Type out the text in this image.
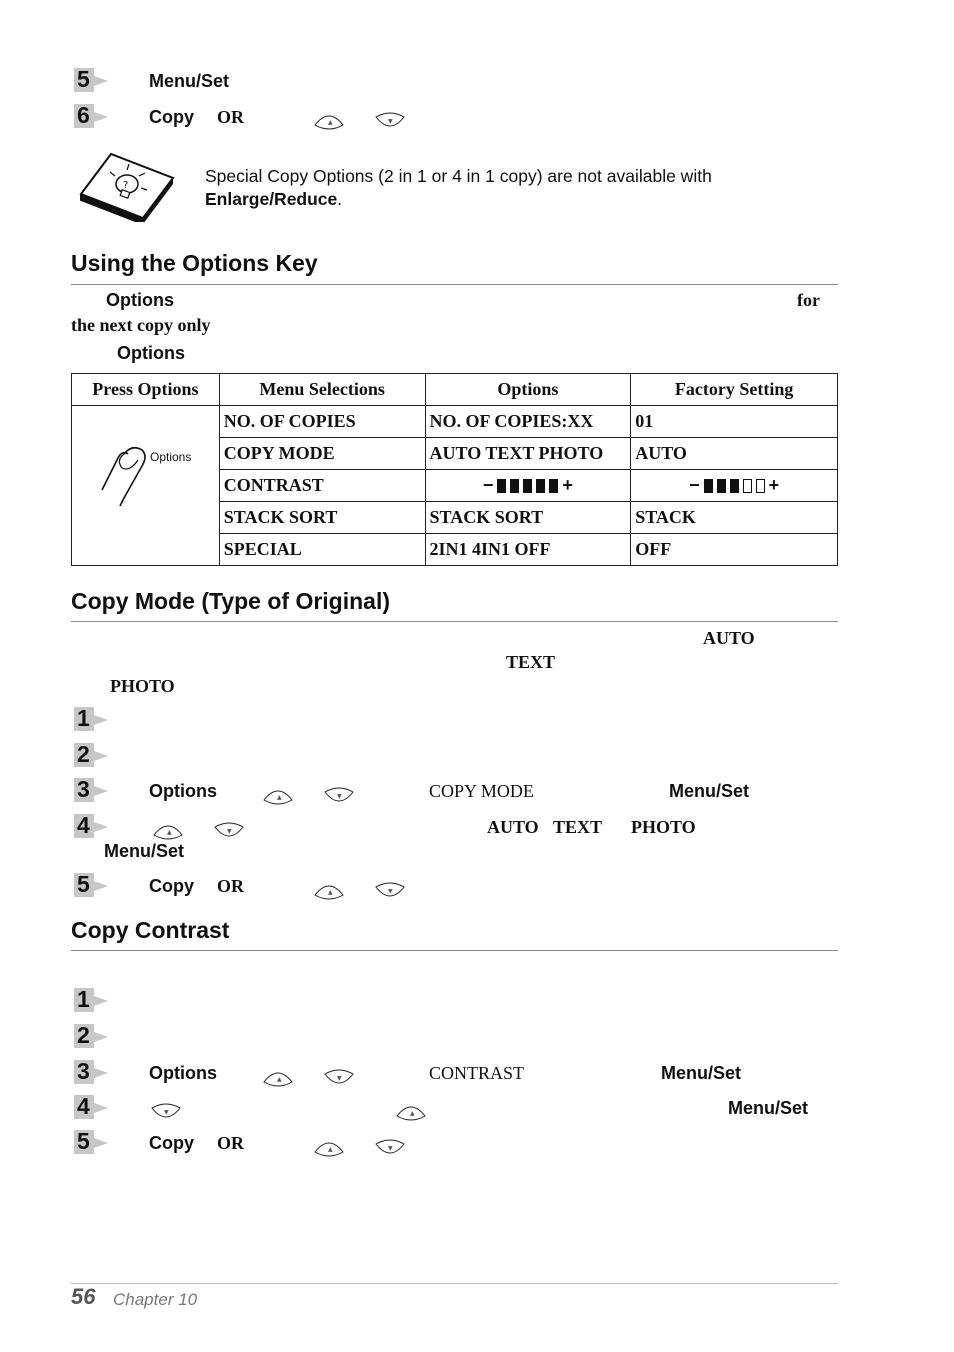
5	Menu/Set
6	Copy OR	▲	▼
?	Special Copy Options (2 in 1 or 4 in 1 copy) are not available with
Enlarge/Reduce.
Using the Options Key
Options	for
the next copy only
Options
Press Options	Menu Selections	Options	Factory Setting

Options	NO. OF COPIES	NO. OF COPIES:XX	01
	COPY MODE	AUTO TEXT PHOTO	AUTO
	CONTRAST	− +	− +

	STACK SORT	STACK SORT	STACK
	SPECIAL	2IN1 4IN1 OFF	OFF
Copy Mode (Type of Original)
AUTO
TEXT
PHOTO
1
2
3	Options	▲	▼	COPY MODE	Menu/Set
4	▲	▼	AUTO TEXT PHOTO
Menu/Set
5	Copy OR	▲	▼
Copy Contrast
1
2
3	Options	▲	▼	CONTRAST	Menu/Set
4	▼	▲	Menu/Set
5	Copy OR	▲	▼
56 Chapter 10
